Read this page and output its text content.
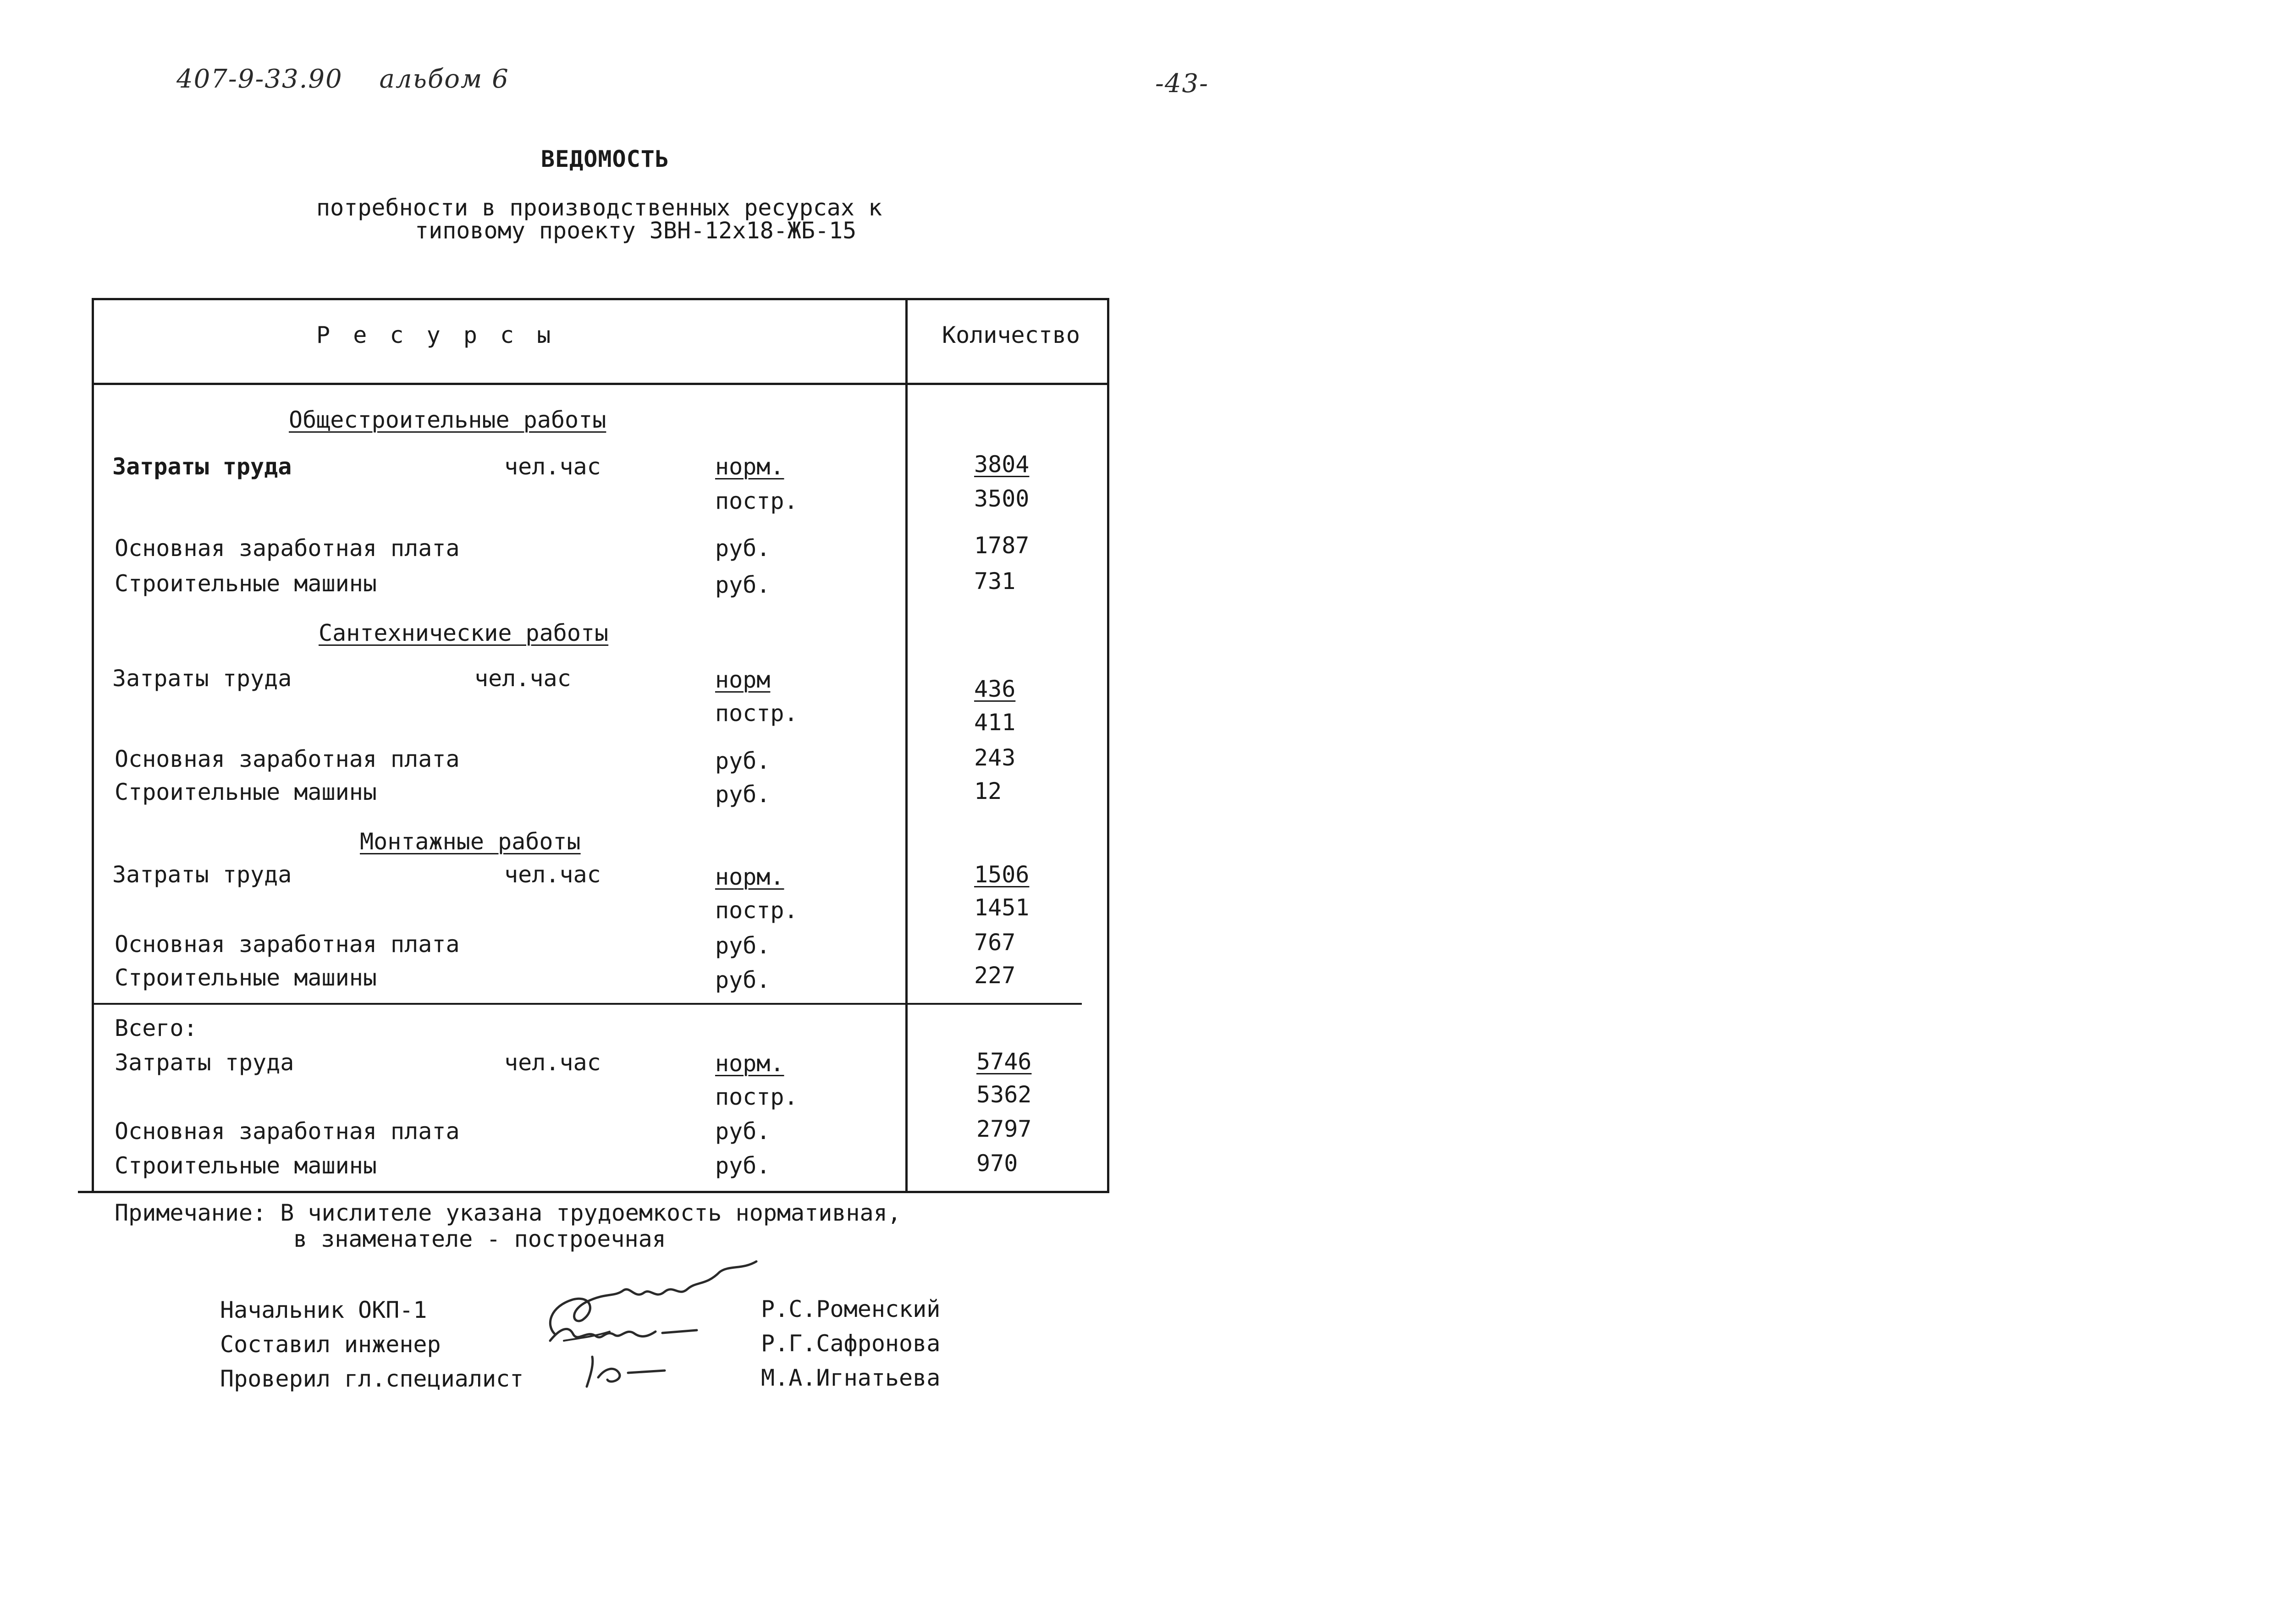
407-9-33.90 альбом 6	-43-
ВЕДОМОСТЬ
потребности в производственных ресурсах к
типовому проекту ЗВН-12х18-ЖБ-15
Р е с у р с ы	Количество
Общестроительные работы
Затраты труда	чел.час	норм.	3804
постр.	3500
Основная заработная плата	руб.	1787
Строительные машины	руб.	731
Сантехнические работы
Затраты труда	чел.час	норм	436
постр.	411
Основная заработная плата	руб.	243
Строительные машины	руб.	12
Монтажные работы
Затраты труда	чел.час	норм.	1506
постр.	1451
Основная заработная плата	руб.	767
Строительные машины	руб.	227
Всего:
Затраты труда	чел.час	норм.	5746
постр.	5362
Основная заработная плата	руб.	2797
Строительные машины	руб.	970
Примечание: В числителе указана трудоемкость нормативная,
в знаменателе - построечная
Начальник ОКП-1	Р.С.Роменский
Составил инженер	Р.Г.Сафронова
Проверил гл.специалист	М.А.Игнатьева
